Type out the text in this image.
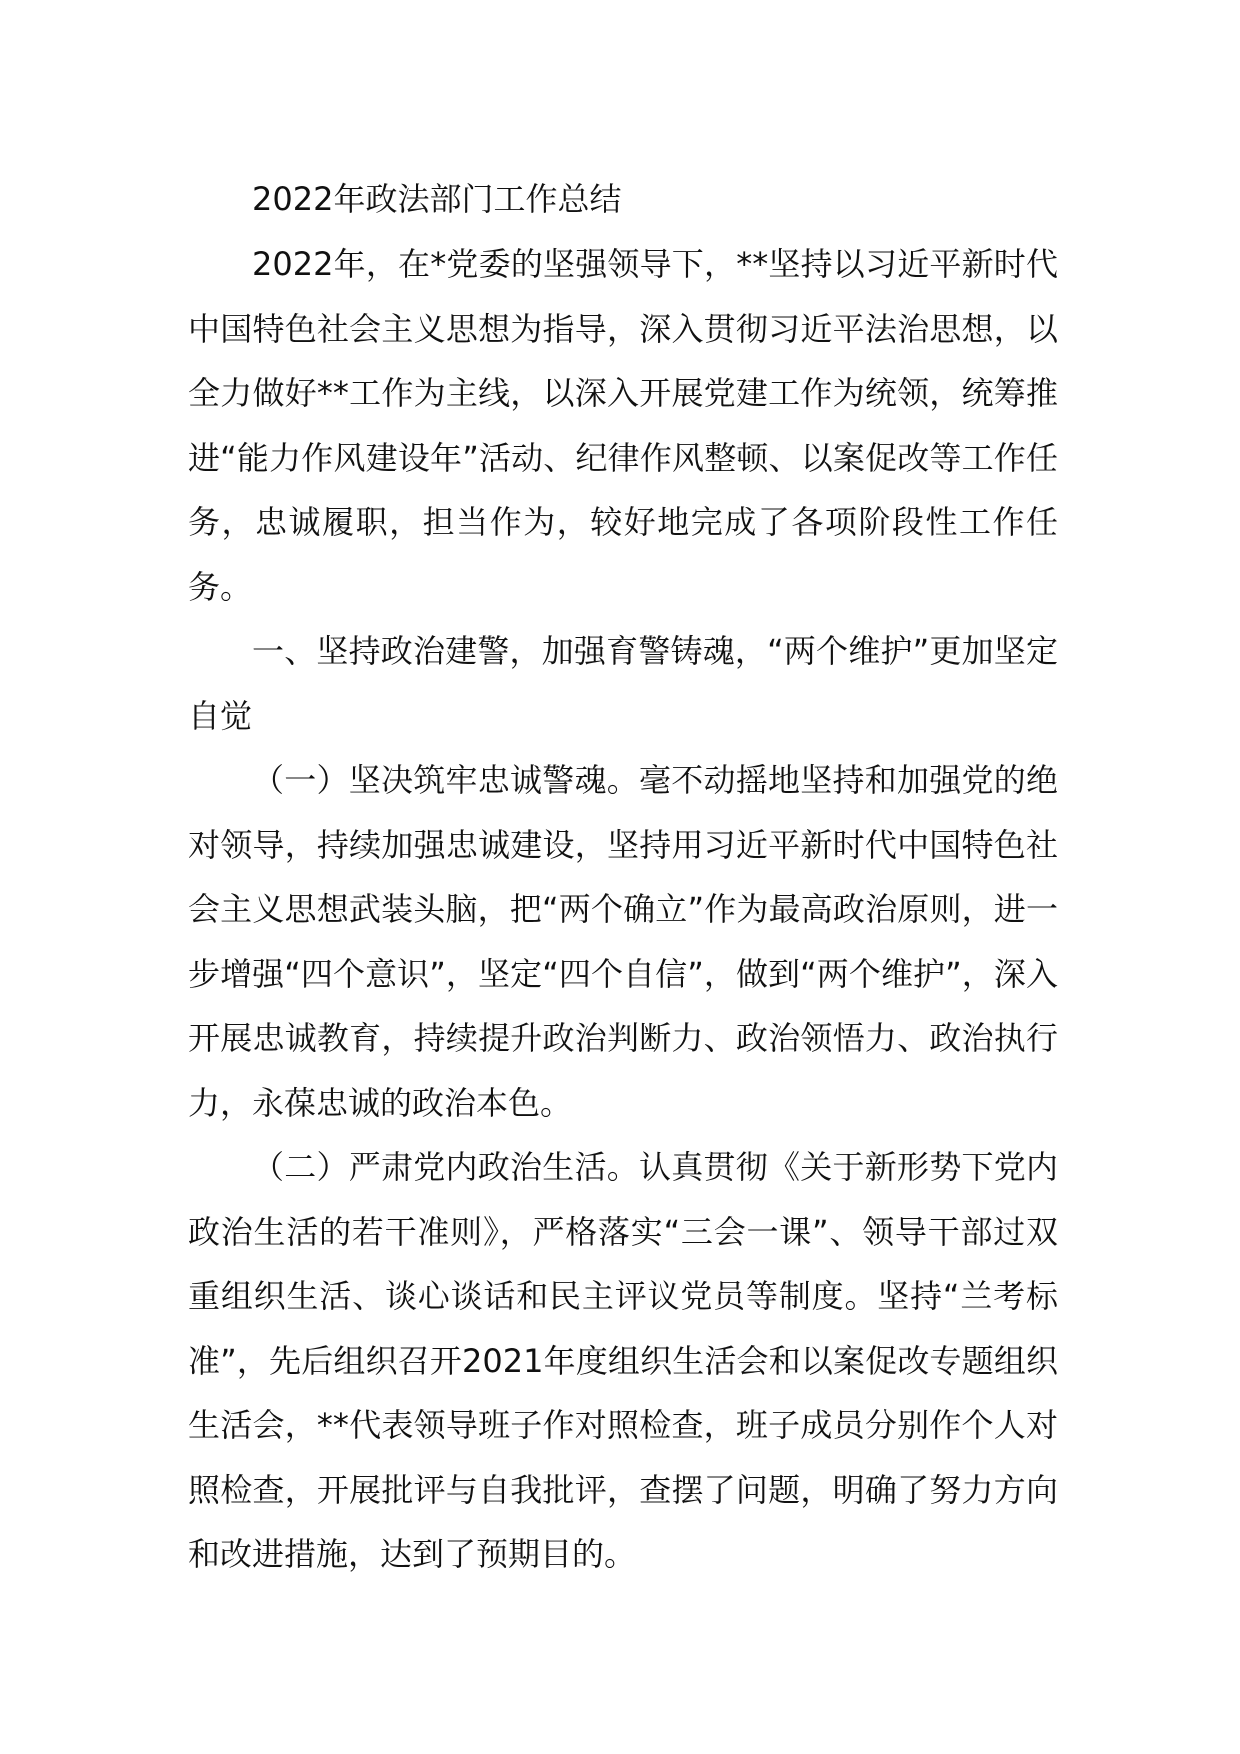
2022年政法部门工作总结

2022年，在*党委的坚强领导下，**坚持以习近平新时代中国特色社会主义思想为指导，深入贯彻习近平法治思想，以全力做好**工作为主线，以深入开展党建工作为统领，统筹推进“能力作风建设年”活动、纪律作风整顿、以案促改等工作任务，忠诚履职，担当作为，较好地完成了各项阶段性工作任务。

一、坚持政治建警，加强育警铸魂，“两个维护”更加坚定自觉

（一）坚决筑牢忠诚警魂。毫不动摇地坚持和加强党的绝对领导，持续加强忠诚建设，坚持用习近平新时代中国特色社会主义思想武装头脑，把“两个确立”作为最高政治原则，进一步增强“四个意识”，坚定“四个自信”，做到“两个维护”，深入开展忠诚教育，持续提升政治判断力、政治领悟力、政治执行力，永葆忠诚的政治本色。

（二）严肃党内政治生活。认真贯彻《关于新形势下党内政治生活的若干准则》，严格落实“三会一课”、领导干部过双重组织生活、谈心谈话和民主评议党员等制度。坚持“兰考标准”，先后组织召开2021年度组织生活会和以案促改专题组织生活会，**代表领导班子作对照检查，班子成员分别作个人对照检查，开展批评与自我批评，查摆了问题，明确了努力方向和改进措施，达到了预期目的。
